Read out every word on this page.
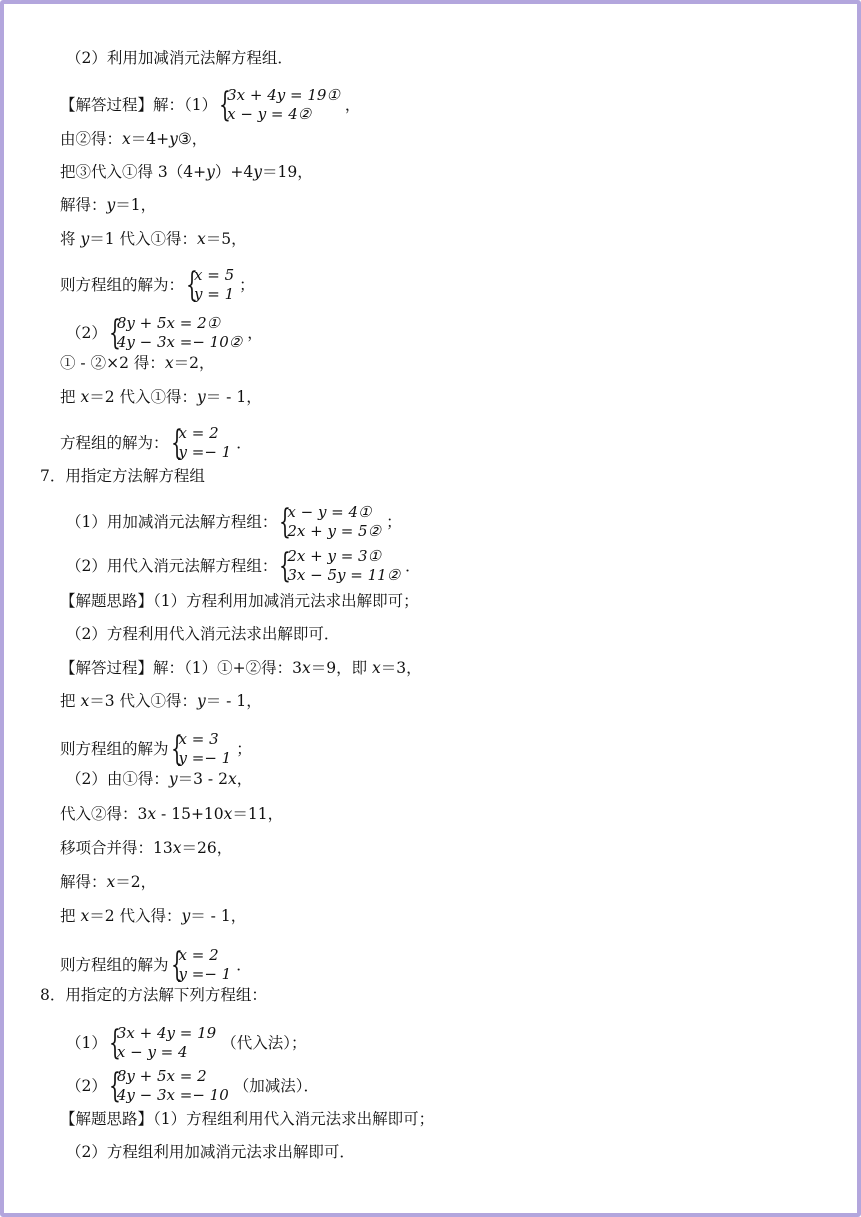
（2）利用加减消元法解方程组．
【解答过程】解：（1） {
3x + 4y = 19①
x − y = 4②	，
由②得： x ＝4+ y ③，
把③代入①得 3（4+ y ）+4 y ＝19，
解得： y ＝1，
将 y ＝1 代入①得： x ＝5，
则方程组的解为： {
x = 5
y = 1 ；
（2） {
8y + 5x = 2①
4y − 3x =− 10② ，
① - ②×2 得： x ＝2，
把 x ＝2 代入①得： y ＝ - 1，
方程组的解为： {
x = 2
y =− 1 ．
7．用指定方法解方程组
（1）用加减消元法解方程组： {
x − y = 4①
2x + y = 5② ；
（2）用代入消元法解方程组： {
2x + y = 3①
3x − 5y = 11② ．
【解题思路】（1）方程利用加减消元法求出解即可；
（2）方程利用代入消元法求出解即可．
【解答过程】解：（1）①+②得：3 x ＝9，即 x ＝3，
把 x ＝3 代入①得： y ＝ - 1，
则方程组的解为 {
x = 3
y =− 1 ；
（2）由①得： y ＝3 - 2 x ，
代入②得：3 x - 15+10 x ＝11，
移项合并得：13 x ＝26，
解得： x ＝2，
把 x ＝2 代入得： y ＝ - 1，
则方程组的解为 {
x = 2
y =− 1 ．
8．用指定的方法解下列方程组：
（1） {
3x + 4y = 19
x − y = 4	（代入法）；
（2） {
8y + 5x = 2
4y − 3x =− 10 （加减法）．
【解题思路】（1）方程组利用代入消元法求出解即可；
（2）方程组利用加减消元法求出解即可．
